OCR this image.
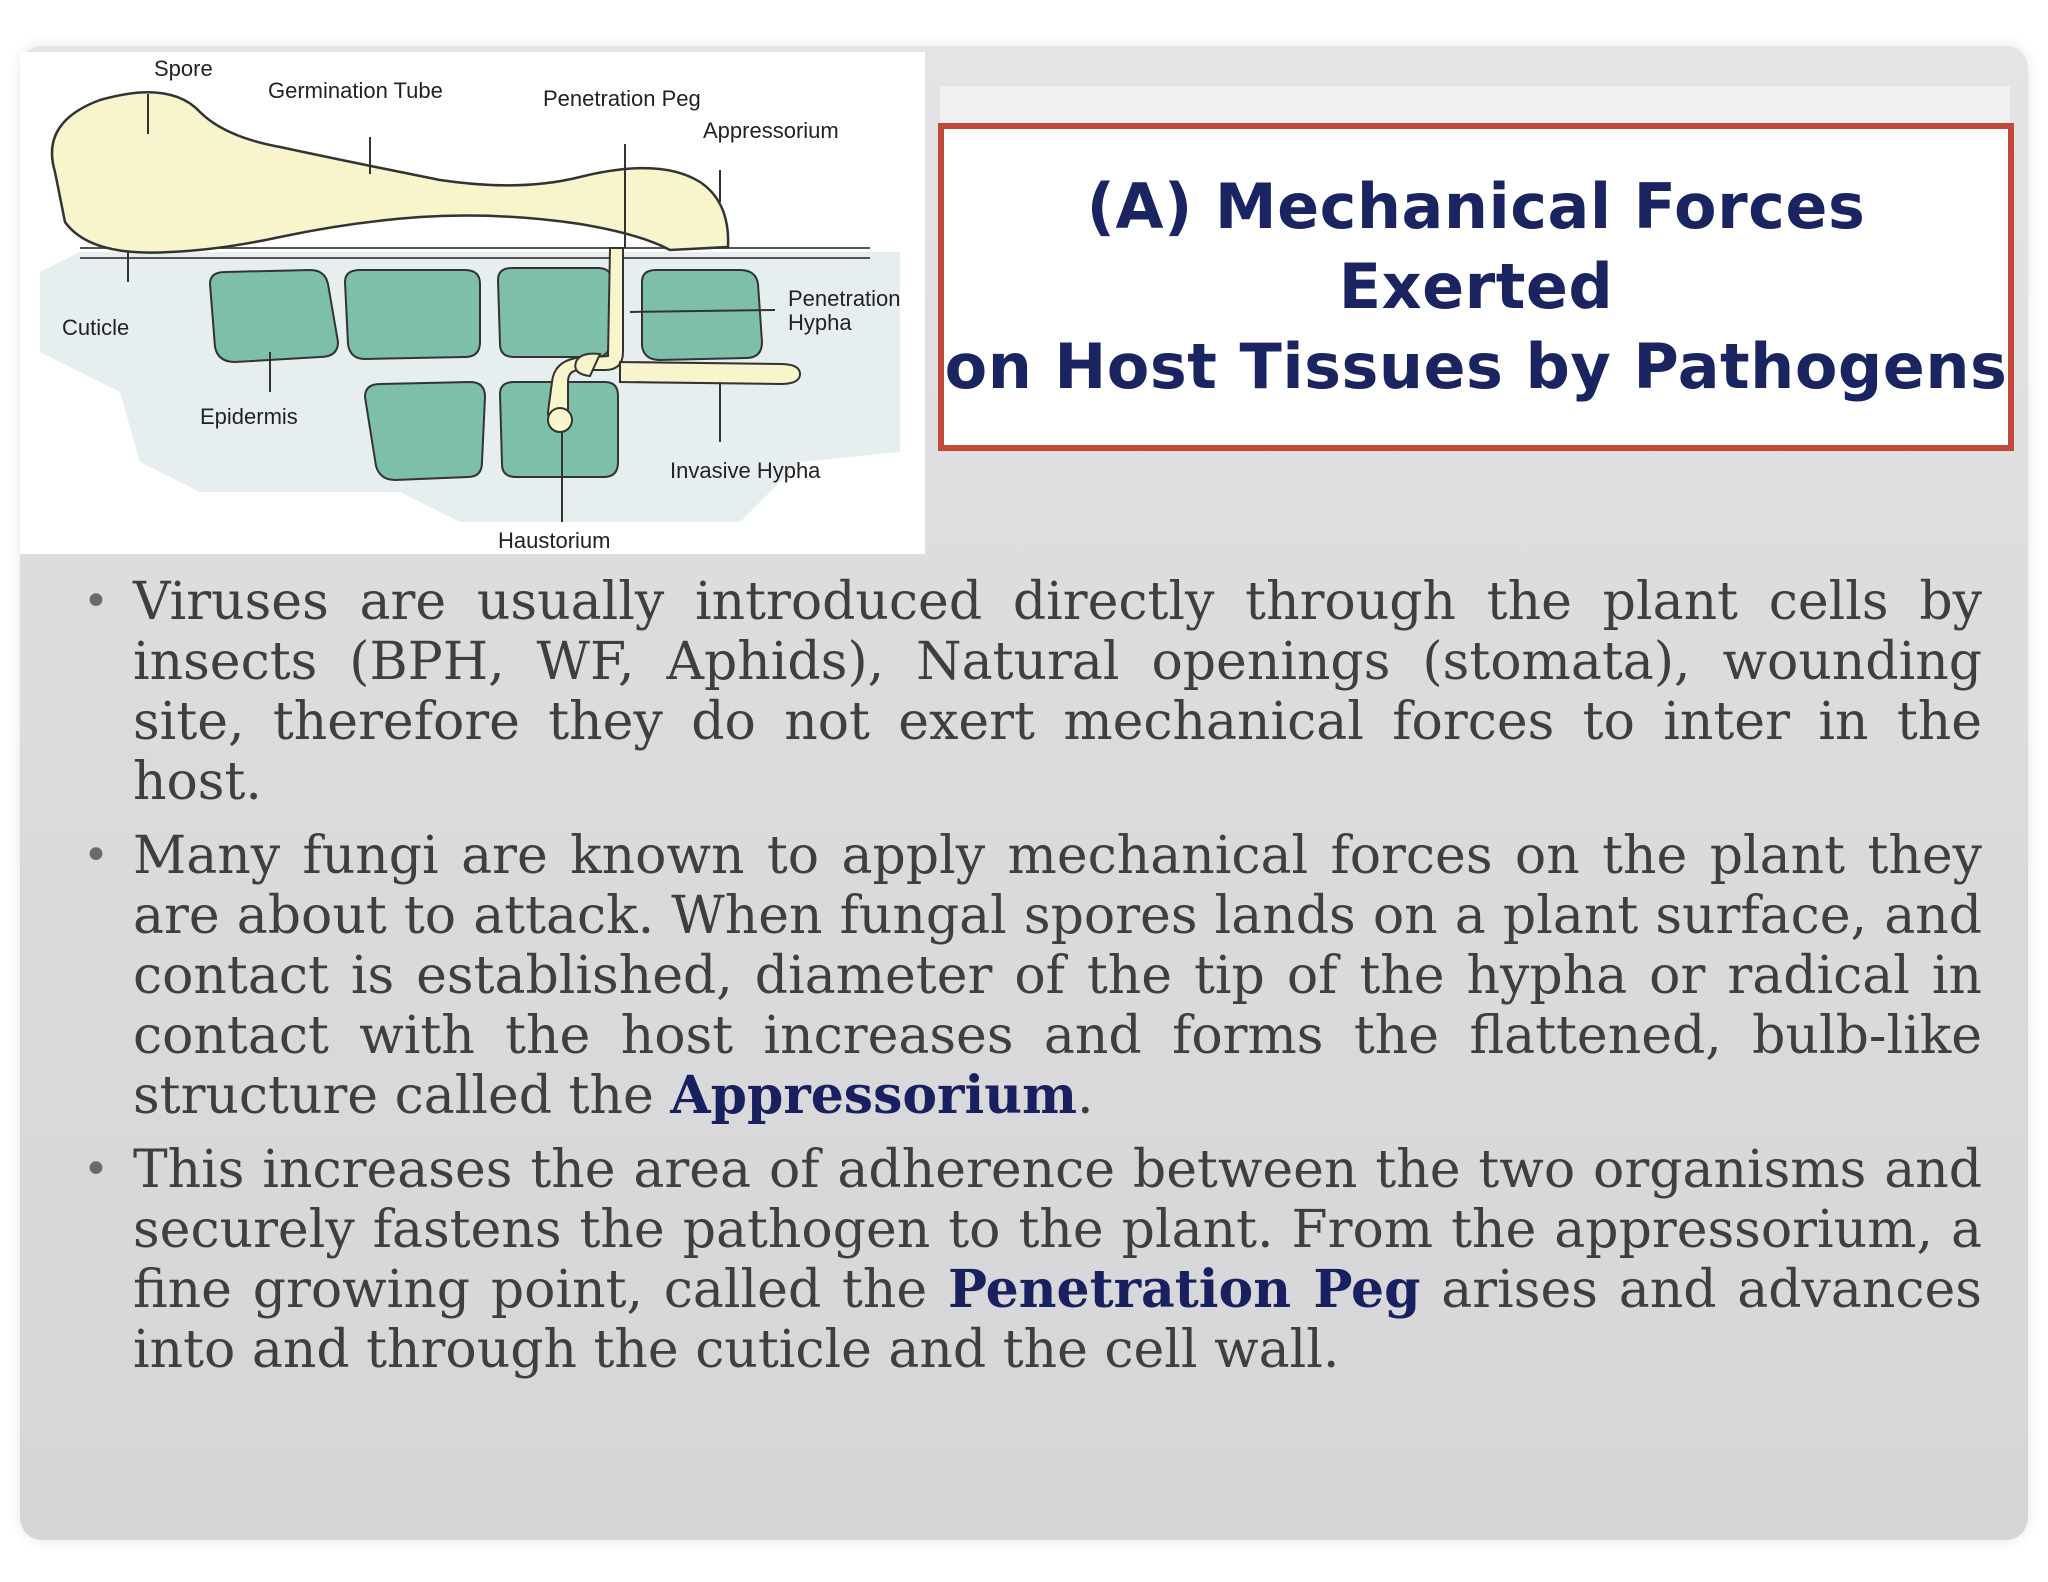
Spore
Germination Tube	Penetration Peg
Appressorium
Cuticle
Penetration
Hypha
Epidermis
Invasive Hypha
Haustorium
(A) Mechanical Forces Exerted
on Host Tissues by Pathogens
• Viruses are usually introduced directly through the plant cells by insects (BPH, WF, Aphids), Natural openings (stomata), wounding site, therefore they do not exert mechanical forces to inter in the host.
• Many fungi are known to apply mechanical forces on the plant they are about to attack. When fungal spores lands on a plant surface, and contact is established, diameter of the tip of the hypha or radical in contact with the host increases and forms the flattened, bulb-like structure called the Appressorium.
• This increases the area of adherence between the two organisms and securely fastens the pathogen to the plant. From the appressorium, a fine growing point, called the Penetration Peg arises and advances into and through the cuticle and the cell wall.
